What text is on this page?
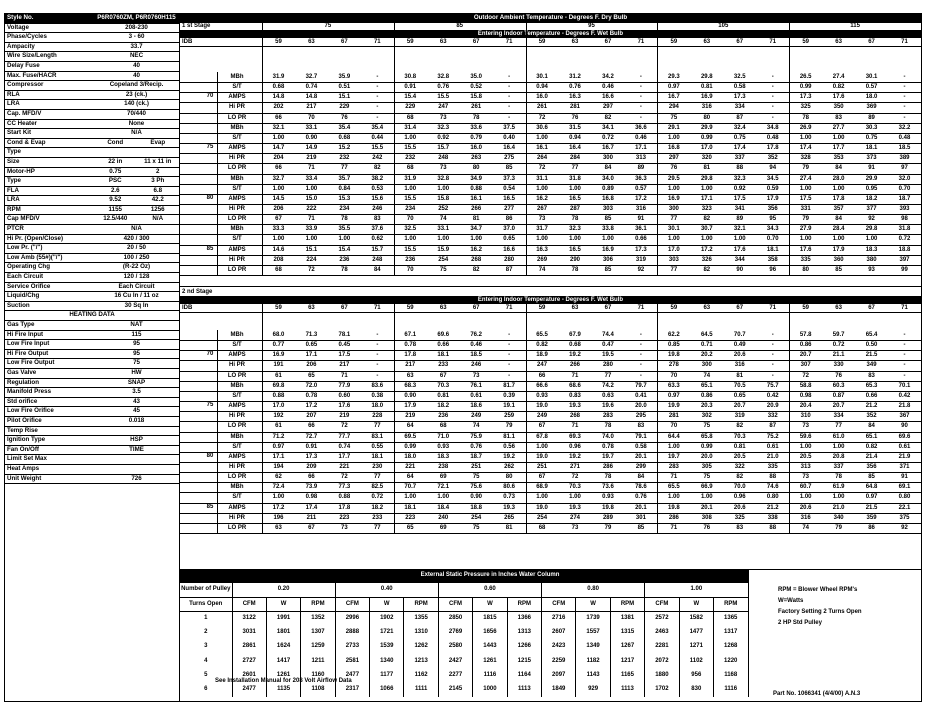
Style No.	P6R0760ZM, P6R0760H115	
Voltage	208-230	
Phase/Cycles	3 - 60	
Ampacity	33.7	
Wire Size/Length	NEC	
Delay Fuse	40	
Max. Fuse/HACR	40	
Compressor	Copeland 3/Recip.	
RLA	23 (ck.)	
LRA	140 (ck.)	
Cap. MFD/V	70/440	
CC Heater	None	
Start Kit	N/A	
Cond & Evap	Cond	Evap
Type		
Size	22 in	11 x 11 in
Motor-HP	0.75	2
Type	PSC	3 Ph
FLA	2.6	6.8
LRA	9.52	42.2
RPM	1155	1256
Cap MFD/V	12.5/440	N/A
PTCR	N/A	
Hi Pr. (Open/Close)	420 / 300	
Low Pr. ("/")	20 / 50	
Low Amb (55#)("/")	100 / 250	
Operating Chg	(R-22 Oz)	
Each Circuit	120 / 128	
Service Orifice	Each Circuit	
Liquid/Chg	16 Cu In / 11 oz	
Suction	30 Sq In	
HEATING DATA		
Gas Type	NAT	
Hi Fire Input	115	
Low Fire Input	95	
Hi Fire Output	95	
Low Fire Output	75	
Gas Valve	HW	
Regulation	SNAP	
Manifold Press	3.5	
Std orifice	43	
Low Fire Orifice	45	
Pilot Orifice	0.018	
Temp Rise		
Ignition Type	HSP	
Fan On/Off	TIME	
Limit Set Max		
Heat Amps		
Unit Weight	726	
Outdoor Ambient Temperature - Degrees F. Dry Bulb
Entering Indoor Temperature - Degrees F. Wet Bulb
Entering Indoor Temperature - Degrees F. Wet Bulb
1 st Stage	75	85	95	105	115
IDB	59	63	67	71	59	63	67	71	59	63	67	71	59	63	67	71	59	63	67	71
70
MBh	31.9	32.7	35.9	-	30.8	32.8	35.0	-	30.1	31.2	34.2	-	29.3	29.8	32.5	-	26.5	27.4	30.1	-
S/T	0.68	0.74	0.51	-	0.91	0.76	0.52	-	0.94	0.76	0.46	-	0.97	0.81	0.58	-	0.99	0.82	0.57	-
AMPS	14.8	14.8	15.1	-	15.4	15.5	15.8	-	16.0	16.3	16.6	-	16.7	16.9	17.3	-	17.3	17.6	18.0	-
Hi PR	202	217	229	-	229	247	261	-	261	281	297	-	294	316	334	-	325	350	369	-
LO PR	66	70	76	-	68	73	78	-	72	76	82	-	75	80	87	-	78	83	89	-
75
MBh	32.1	33.1	35.4	35.4	31.4	32.3	33.6	37.5	30.6	31.5	34.1	36.6	29.1	29.9	32.4	34.8	26.9	27.7	30.3	32.2
S/T	1.00	0.90	0.68	0.44	1.00	0.92	0.79	0.40	1.00	0.94	0.72	0.46	1.00	0.99	0.75	0.48	1.00	1.00	0.75	0.48
AMPS	14.7	14.9	15.2	15.5	15.5	15.7	16.0	16.4	16.1	16.4	16.7	17.1	16.8	17.0	17.4	17.8	17.4	17.7	18.1	18.5
Hi PR	204	219	232	242	232	248	263	275	264	284	300	313	297	320	337	352	328	353	373	389
LO PR	66	71	77	82	68	73	80	85	72	77	84	89	76	81	88	94	79	84	91	97
80
MBh	32.7	33.4	35.7	38.2	31.9	32.8	34.9	37.3	31.1	31.8	34.0	36.3	29.5	29.8	32.3	34.5	27.4	28.0	29.9	32.0
S/T	1.00	1.00	0.84	0.53	1.00	1.00	0.88	0.54	1.00	1.00	0.89	0.57	1.00	1.00	0.92	0.59	1.00	1.00	0.95	0.70
AMPS	14.5	15.0	15.3	15.6	15.5	15.8	16.1	16.5	16.2	16.5	16.8	17.2	16.9	17.1	17.5	17.9	17.5	17.8	18.2	18.7
Hi PR	206	222	234	246	234	252	266	277	267	287	303	316	300	323	341	356	331	357	377	393
LO PR	67	71	78	83	70	74	81	86	73	78	85	91	77	82	89	95	79	84	92	98
85
MBh	33.3	33.9	35.5	37.6	32.5	33.1	34.7	37.0	31.7	32.3	33.8	36.1	30.1	30.7	32.1	34.3	27.9	28.4	29.8	31.8
S/T	1.00	1.00	1.00	0.62	1.00	1.00	1.00	0.65	1.00	1.00	1.00	0.66	1.00	1.00	1.00	0.70	1.00	1.00	1.00	0.72
AMPS	14.6	15.1	15.4	15.7	15.5	15.9	16.2	16.6	16.3	16.5	16.9	17.3	17.0	17.2	17.6	18.1	17.6	17.9	18.3	18.8
Hi PR	208	224	236	248	236	254	268	280	269	290	306	319	303	326	344	358	335	360	380	397
LO PR	68	72	78	84	70	75	82	87	74	78	85	92	77	82	90	96	80	85	93	99
2 nd Stage
IDB	59	63	67	71	59	63	67	71	59	63	67	71	59	63	67	71	59	63	67	71
70
MBh	68.0	71.3	78.1	-	67.1	69.6	76.2	-	65.5	67.9	74.4	-	62.2	64.5	70.7	-	57.8	59.7	65.4	-
S/T	0.77	0.65	0.45	-	0.78	0.66	0.46	-	0.82	0.68	0.47	-	0.85	0.71	0.49	-	0.86	0.72	0.50	-
AMPS	16.9	17.1	17.5	-	17.8	18.1	18.5	-	18.9	19.2	19.5	-	19.8	20.2	20.6	-	20.7	21.1	21.5	-
Hi PR	191	206	217	-	217	233	246	-	247	266	280	-	278	300	316	-	307	330	349	-
LO PR	61	65	71	-	63	67	73	-	66	71	77	-	70	74	81	-	72	76	83	-
75
MBh	69.8	72.0	77.9	83.6	68.3	70.3	76.1	81.7	66.6	68.6	74.2	79.7	63.3	65.1	70.5	75.7	58.8	60.3	65.3	70.1
S/T	0.88	0.78	0.60	0.38	0.90	0.81	0.61	0.39	0.93	0.83	0.63	0.41	0.97	0.86	0.65	0.42	0.98	0.87	0.66	0.42
AMPS	17.0	17.2	17.6	18.0	17.9	18.2	18.6	19.1	19.0	19.3	19.6	20.0	19.9	20.3	20.7	20.9	20.4	20.7	21.2	21.8
Hi PR	192	207	219	228	219	236	249	259	249	268	283	295	281	302	319	332	310	334	352	367
LO PR	61	66	72	77	64	68	74	79	67	71	78	83	70	75	82	87	73	77	84	90
80
MBh	71.2	72.7	77.7	83.1	69.5	71.0	75.9	81.1	67.8	69.3	74.0	79.1	64.4	65.8	70.3	75.2	59.6	61.0	65.1	69.6
S/T	0.97	0.91	0.74	0.55	0.99	0.93	0.76	0.56	1.00	0.96	0.78	0.58	1.00	0.99	0.81	0.61	1.00	1.00	0.82	0.61
AMPS	17.1	17.3	17.7	18.1	18.0	18.3	18.7	19.2	19.0	19.2	19.7	20.1	19.7	20.0	20.5	21.0	20.5	20.8	21.4	21.9
Hi PR	194	209	221	230	221	238	251	262	251	271	286	299	283	305	322	335	313	337	356	371
LO PR	62	66	72	77	64	69	75	80	67	72	78	84	71	75	82	88	73	78	85	91
85
MBh	72.4	73.9	77.3	82.5	70.7	72.1	75.6	80.6	68.9	70.3	73.6	78.6	65.5	66.9	70.0	74.6	60.7	61.9	64.8	69.1
S/T	1.00	0.98	0.88	0.72	1.00	1.00	0.90	0.73	1.00	1.00	0.93	0.76	1.00	1.00	0.96	0.80	1.00	1.00	0.97	0.80
AMPS	17.2	17.4	17.8	18.2	18.1	18.4	18.8	19.3	19.0	19.3	19.8	20.1	19.8	20.1	20.6	21.2	20.6	21.0	21.5	22.1
Hi PR	196	211	223	233	223	240	254	265	254	274	289	301	286	308	325	338	316	340	359	375
LO PR	63	67	73	77	65	69	75	81	68	73	79	85	71	76	83	88	74	79	86	92
	External Static Pressure in Inches Water Column														
Number of Pulley	0.20			0.40			0.60			0.80			1.00		
Turns Open	CFM	W	RPM	CFM	W	RPM	CFM	W	RPM	CFM	W	RPM	CFM	W	RPM
1	3122	1991	1352	2996	1902	1355	2850	1815	1366	2716	1739	1381	2572	1582	1365
2	3031	1801	1307	2888	1721	1310	2769	1656	1313	2607	1557	1315	2463	1477	1317
3	2861	1624	1259	2733	1539	1262	2580	1443	1266	2423	1349	1267	2281	1271	1268
4	2727	1417	1211	2581	1340	1213	2427	1261	1215	2259	1182	1217	2072	1102	1220
5	2601	1261	1160	2477	1177	1162	2277	1116	1164	2097	1143	1165	1880	956	1168
6	2477	1135	1108	2317	1066	1111	2145	1000	1113	1849	929	1113	1702	830	1116
RPM = Blower Wheel RPM's
W=Watts
Factory Setting 2 Turns Open
2 HP Std Pulley
See Installation Manual for 208 Volt Airflow Data
Part No. 1066341 (4/4/00) A.N.3
